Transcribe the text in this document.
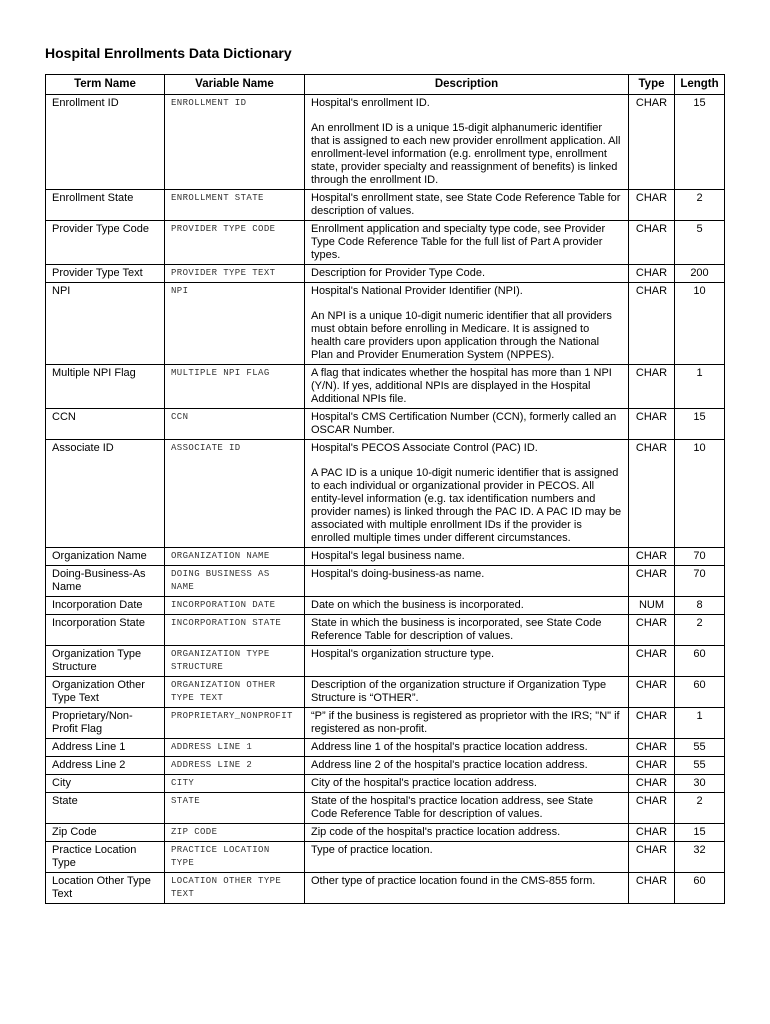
Hospital Enrollments Data Dictionary
Term Name	Variable Name	Description	Type	Length
Enrollment ID	ENROLLMENT ID	Hospital's enrollment ID.

An enrollment ID is a unique 15-digit alphanumeric identifier that is assigned to each new provider enrollment application. All enrollment-level information (e.g. enrollment type, enrollment state, provider specialty and reassignment of benefits) is linked through the enrollment ID.	CHAR	15
Enrollment State	ENROLLMENT STATE	Hospital's enrollment state, see State Code Reference Table for description of values.	CHAR	2
Provider Type Code	PROVIDER TYPE CODE	Enrollment application and specialty type code, see Provider Type Code Reference Table for the full list of Part A provider types.	CHAR	5
Provider Type Text	PROVIDER TYPE TEXT	Description for Provider Type Code.	CHAR	200
NPI	NPI	Hospital's National Provider Identifier (NPI).

An NPI is a unique 10-digit numeric identifier that all providers must obtain before enrolling in Medicare. It is assigned to health care providers upon application through the National Plan and Provider Enumeration System (NPPES).	CHAR	10
Multiple NPI Flag	MULTIPLE NPI FLAG	A flag that indicates whether the hospital has more than 1 NPI (Y/N). If yes, additional NPIs are displayed in the Hospital Additional NPIs file.	CHAR	1
CCN	CCN	Hospital's CMS Certification Number (CCN), formerly called an OSCAR Number.	CHAR	15
Associate ID	ASSOCIATE ID	Hospital's PECOS Associate Control (PAC) ID.

A PAC ID is a unique 10-digit numeric identifier that is assigned to each individual or organizational provider in PECOS. All entity-level information (e.g. tax identification numbers and provider names) is linked through the PAC ID. A PAC ID may be associated with multiple enrollment IDs if the provider is enrolled multiple times under different circumstances.	CHAR	10
Organization Name	ORGANIZATION NAME	Hospital's legal business name.	CHAR	70
Doing-Business-As Name	DOING BUSINESS AS NAME	Hospital's doing-business-as name.	CHAR	70
Incorporation Date	INCORPORATION DATE	Date on which the business is incorporated.	NUM	8
Incorporation State	INCORPORATION STATE	State in which the business is incorporated, see State Code Reference Table for description of values.	CHAR	2
Organization Type Structure	ORGANIZATION TYPE STRUCTURE	Hospital's organization structure type.	CHAR	60
Organization Other Type Text	ORGANIZATION OTHER TYPE TEXT	Description of the organization structure if Organization Type Structure is “OTHER”.	CHAR	60
Proprietary/Non-Profit Flag	PROPRIETARY_NONPROFIT	“P” if the business is registered as proprietor with the IRS; "N" if registered as non-profit.	CHAR	1
Address Line 1	ADDRESS LINE 1	Address line 1 of the hospital's practice location address.	CHAR	55
Address Line 2	ADDRESS LINE 2	Address line 2 of the hospital's practice location address.	CHAR	55
City	CITY	City of the hospital's practice location address.	CHAR	30
State	STATE	State of the hospital's practice location address, see State Code Reference Table for description of values.	CHAR	2
Zip Code	ZIP CODE	Zip code of the hospital's practice location address.	CHAR	15
Practice Location Type	PRACTICE LOCATION TYPE	Type of practice location.	CHAR	32
Location Other Type Text	LOCATION OTHER TYPE TEXT	Other type of practice location found in the CMS-855 form.	CHAR	60
